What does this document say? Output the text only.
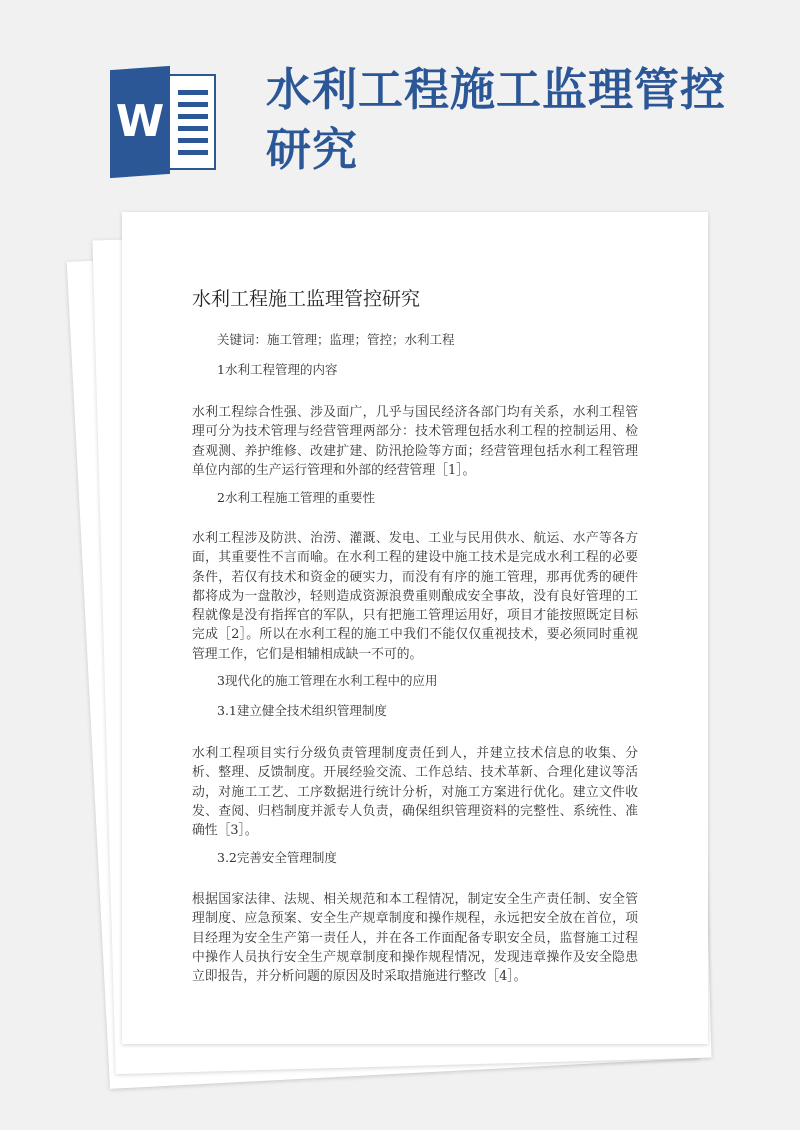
W
水利工程施工监理管控研究
水利工程施工监理管控研究
关键词：施工管理；监理；管控；水利工程
1水利工程管理的内容

水利工程综合性强、涉及面广，几乎与国民经济各部门均有关系，水利工程管理可分为技术管理与经营管理两部分：技术管理包括水利工程的控制运用、检查观测、养护维修、改建扩建、防汛抢险等方面；经营管理包括水利工程管理单位内部的生产运行管理和外部的经营管理［1］。

2水利工程施工管理的重要性

水利工程涉及防洪、治涝、灌溉、发电、工业与民用供水、航运、水产等各方面，其重要性不言而喻。在水利工程的建设中施工技术是完成水利工程的必要条件，若仅有技术和资金的硬实力，而没有有序的施工管理，那再优秀的硬件都将成为一盘散沙，轻则造成资源浪费重则酿成安全事故，没有良好管理的工程就像是没有指挥官的军队，只有把施工管理运用好，项目才能按照既定目标完成［2］。所以在水利工程的施工中我们不能仅仅重视技术，要必须同时重视管理工作，它们是相辅相成缺一不可的。

3现代化的施工管理在水利工程中的应用
3.1建立健全技术组织管理制度

水利工程项目实行分级负责管理制度责任到人，并建立技术信息的收集、分析、整理、反馈制度。开展经验交流、工作总结、技术革新、合理化建议等活动，对施工工艺、工序数据进行统计分析，对施工方案进行优化。建立文件收发、查阅、归档制度并派专人负责，确保组织管理资料的完整性、系统性、准确性［3］。

3.2完善安全管理制度

根据国家法律、法规、相关规范和本工程情况，制定安全生产责任制、安全管理制度、应急预案、安全生产规章制度和操作规程，永远把安全放在首位，项目经理为安全生产第一责任人，并在各工作面配备专职安全员，监督施工过程中操作人员执行安全生产规章制度和操作规程情况，发现违章操作及安全隐患立即报告，并分析问题的原因及时采取措施进行整改［4］。
